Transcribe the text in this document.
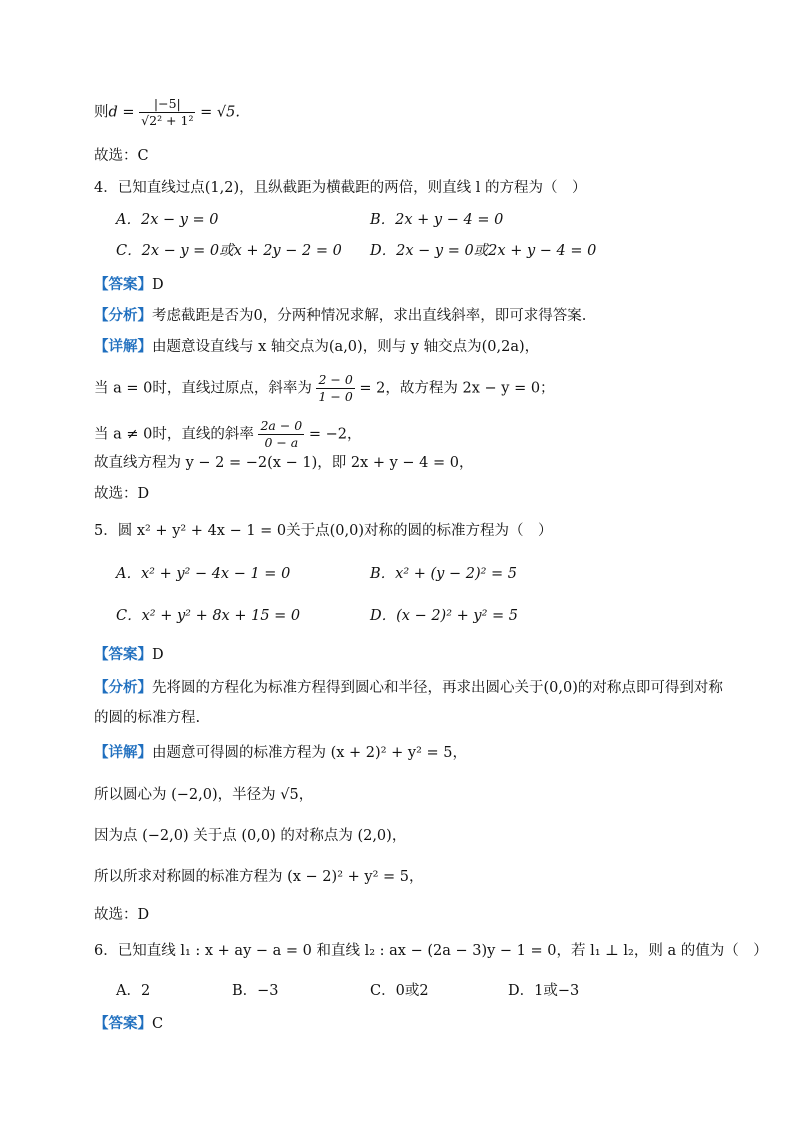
则$d = \frac{|-5|}{\text{√2² + 1²}} = √5$.
故选：C
4．已知直线过点(1,2)，且纵截距为横截距的两倍，则直线 l 的方程为（　）
A．2x − y = 0	B．2x + y − 4 = 0
C．2x − y = 0或x + 2y − 2 = 0 D．2x − y = 0或2x + y − 4 = 0
【答案】D
【分析】考虑截距是否为0，分两种情况求解，求出直线斜率，即可求得答案.
【详解】由题意设直线与 x 轴交点为(a,0)，则与 y 轴交点为(0,2a)，
当 a = 0时，直线过原点，斜率为 $\frac{2 - 0}{1 - 0} = 2$，故方程为 2x − y = 0；
当 a ≠ 0时，直线的斜率 $\frac{2a - 0}{0 - a} = -2$，
故直线方程为 y − 2 = −2(x − 1)，即 2x + y − 4 = 0，
故选：D
5．圆 x² + y² + 4x − 1 = 0关于点(0,0)对称的圆的标准方程为（　）
A．x² + y² − 4x − 1 = 0	B．x² + (y − 2)² = 5
C．x² + y² + 8x + 15 = 0	D．(x − 2)² + y² = 5
【答案】D
【分析】先将圆的方程化为标准方程得到圆心和半径，再求出圆心关于(0,0)的对称点即可得到对称
的圆的标准方程.
【详解】由题意可得圆的标准方程为 (x + 2)² + y² = 5，
所以圆心为 (−2,0)，半径为 √5，
因为点 (−2,0) 关于点 (0,0) 的对称点为 (2,0)，
所以所求对称圆的标准方程为 (x − 2)² + y² = 5，
故选：D
6．已知直线 l₁ : x + ay − a = 0 和直线 l₂ : ax − (2a − 3)y − 1 = 0，若 l₁ ⊥ l₂，则 a 的值为（　）
A．2	B．−3	C．0或2	D．1或−3
【答案】C
